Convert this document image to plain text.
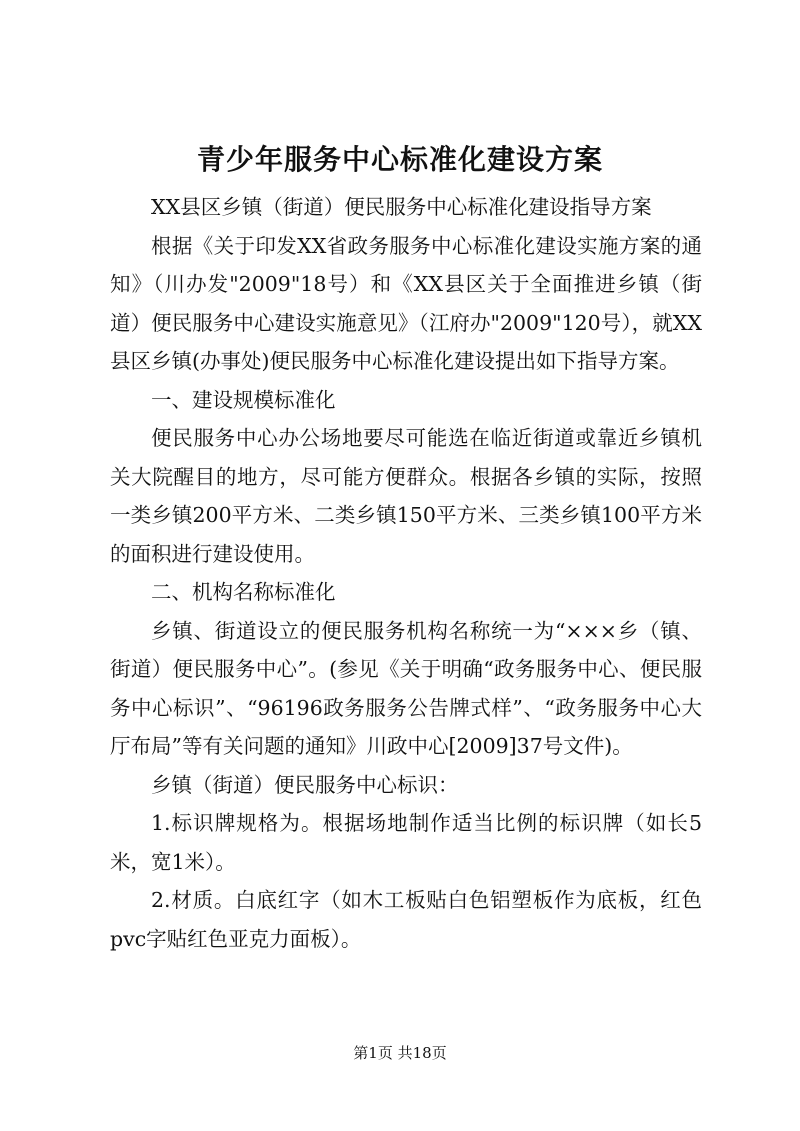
青少年服务中心标准化建设方案

XX县区乡镇（街道）便民服务中心标准化建设指导方案

根据《关于印发XX省政务服务中心标准化建设实施方案的通知》（川办发"2009"18号）和《XX县区关于全面推进乡镇（街道）便民服务中心建设实施意见》（江府办"2009"120号），就XX县区乡镇(办事处)便民服务中心标准化建设提出如下指导方案。

一、建设规模标准化

便民服务中心办公场地要尽可能选在临近街道或靠近乡镇机关大院醒目的地方，尽可能方便群众。根据各乡镇的实际，按照一类乡镇200平方米、二类乡镇150平方米、三类乡镇100平方米的面积进行建设使用。

二、机构名称标准化

乡镇、街道设立的便民服务机构名称统一为“×××乡（镇、街道）便民服务中心”。(参见《关于明确“政务服务中心、便民服务中心标识”、“96196政务服务公告牌式样”、“政务服务中心大厅布局”等有关问题的通知》川政中心[2009]37号文件)。

乡镇（街道）便民服务中心标识：

1.标识牌规格为。根据场地制作适当比例的标识牌（如长5米，宽1米）。

2.材质。白底红字（如木工板贴白色铝塑板作为底板，红色pvc字贴红色亚克力面板）。

第1页 共18页
